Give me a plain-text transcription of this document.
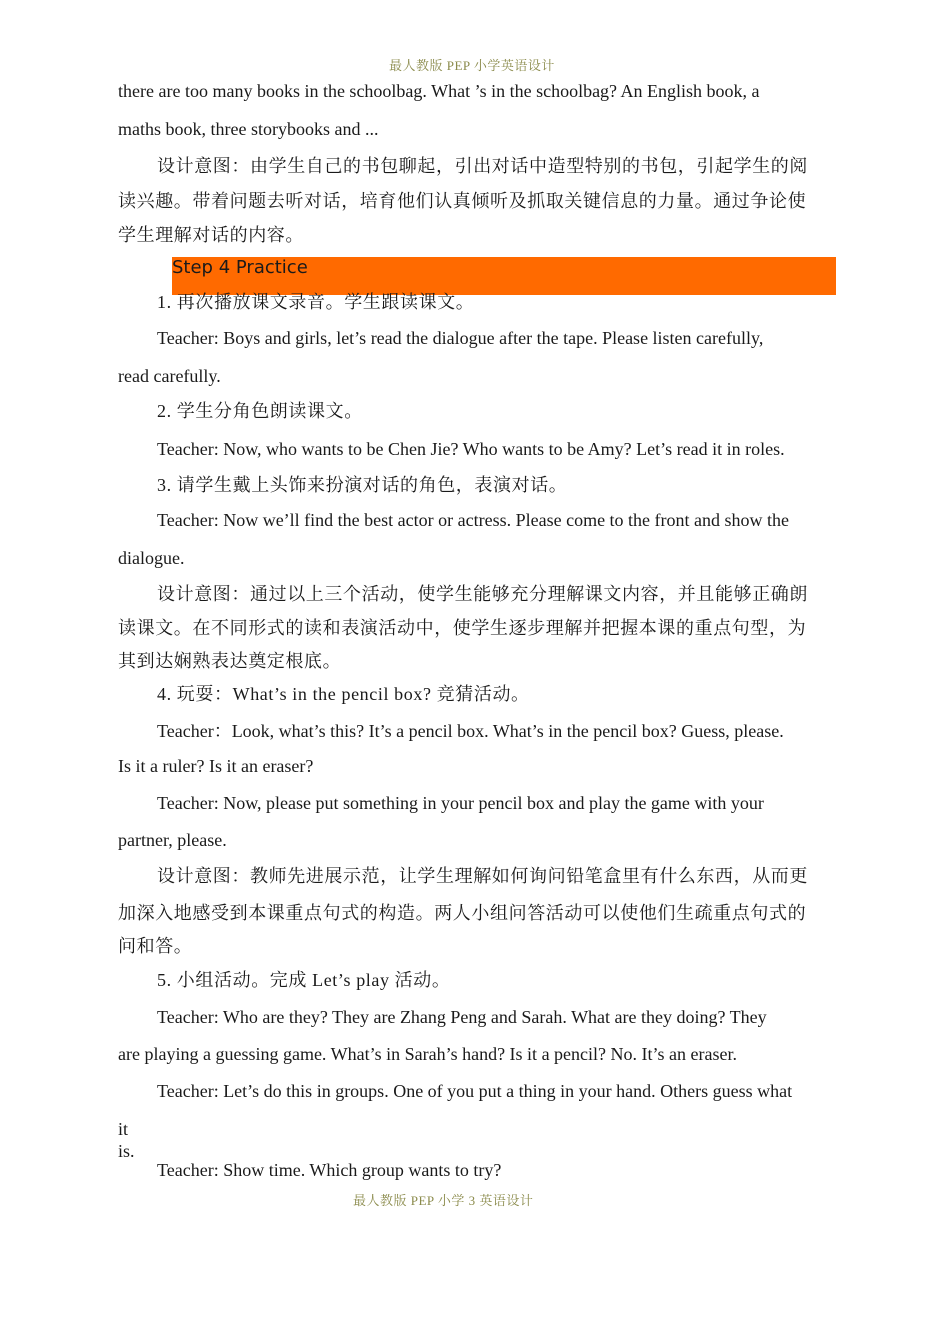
最人教版 PEP 小学英语设计
there are too many books in the schoolbag. What ’s in the schoolbag? An English book, a
maths book, three storybooks and ...
设计意图：由学生自己的书包聊起，引出对话中造型特别的书包，引起学生的阅
读兴趣。带着问题去听对话，培育他们认真倾听及抓取关键信息的力量。通过争论使
学生理解对话的内容。
Step 4 Practice
1. 再次播放课文录音。学生跟读课文。
Teacher: Boys and girls, let’s read the dialogue after the tape. Please listen carefully,
read carefully.
2. 学生分角色朗读课文。
Teacher: Now, who wants to be Chen Jie? Who wants to be Amy? Let’s read it in roles.
3. 请学生戴上头饰来扮演对话的角色，表演对话。
Teacher: Now we’ll find the best actor or actress. Please come to the front and show the
dialogue.
设计意图：通过以上三个活动，使学生能够充分理解课文内容，并且能够正确朗
读课文。在不同形式的读和表演活动中，使学生逐步理解并把握本课的重点句型，为
其到达娴熟表达奠定根底。
4. 玩耍：What’s in the pencil box? 竞猜活动。
Teacher：Look, what’s this? It’s a pencil box. What’s in the pencil box? Guess, please.
Is it a ruler? Is it an eraser?
Teacher: Now, please put something in your pencil box and play the game with your
partner, please.
设计意图：教师先进展示范，让学生理解如何询问铅笔盒里有什么东西，从而更
加深入地感受到本课重点句式的构造。两人小组问答活动可以使他们生疏重点句式的
问和答。
5. 小组活动。完成 Let’s play 活动。
Teacher: Who are they? They are Zhang Peng and Sarah. What are they doing? They
are playing a guessing game. What’s in Sarah’s hand? Is it a pencil? No. It’s an eraser.
Teacher: Let’s do this in groups. One of you put a thing in your hand. Others guess what
it
is.
Teacher: Show time. Which group wants to try?
最人教版 PEP 小学 3 英语设计
